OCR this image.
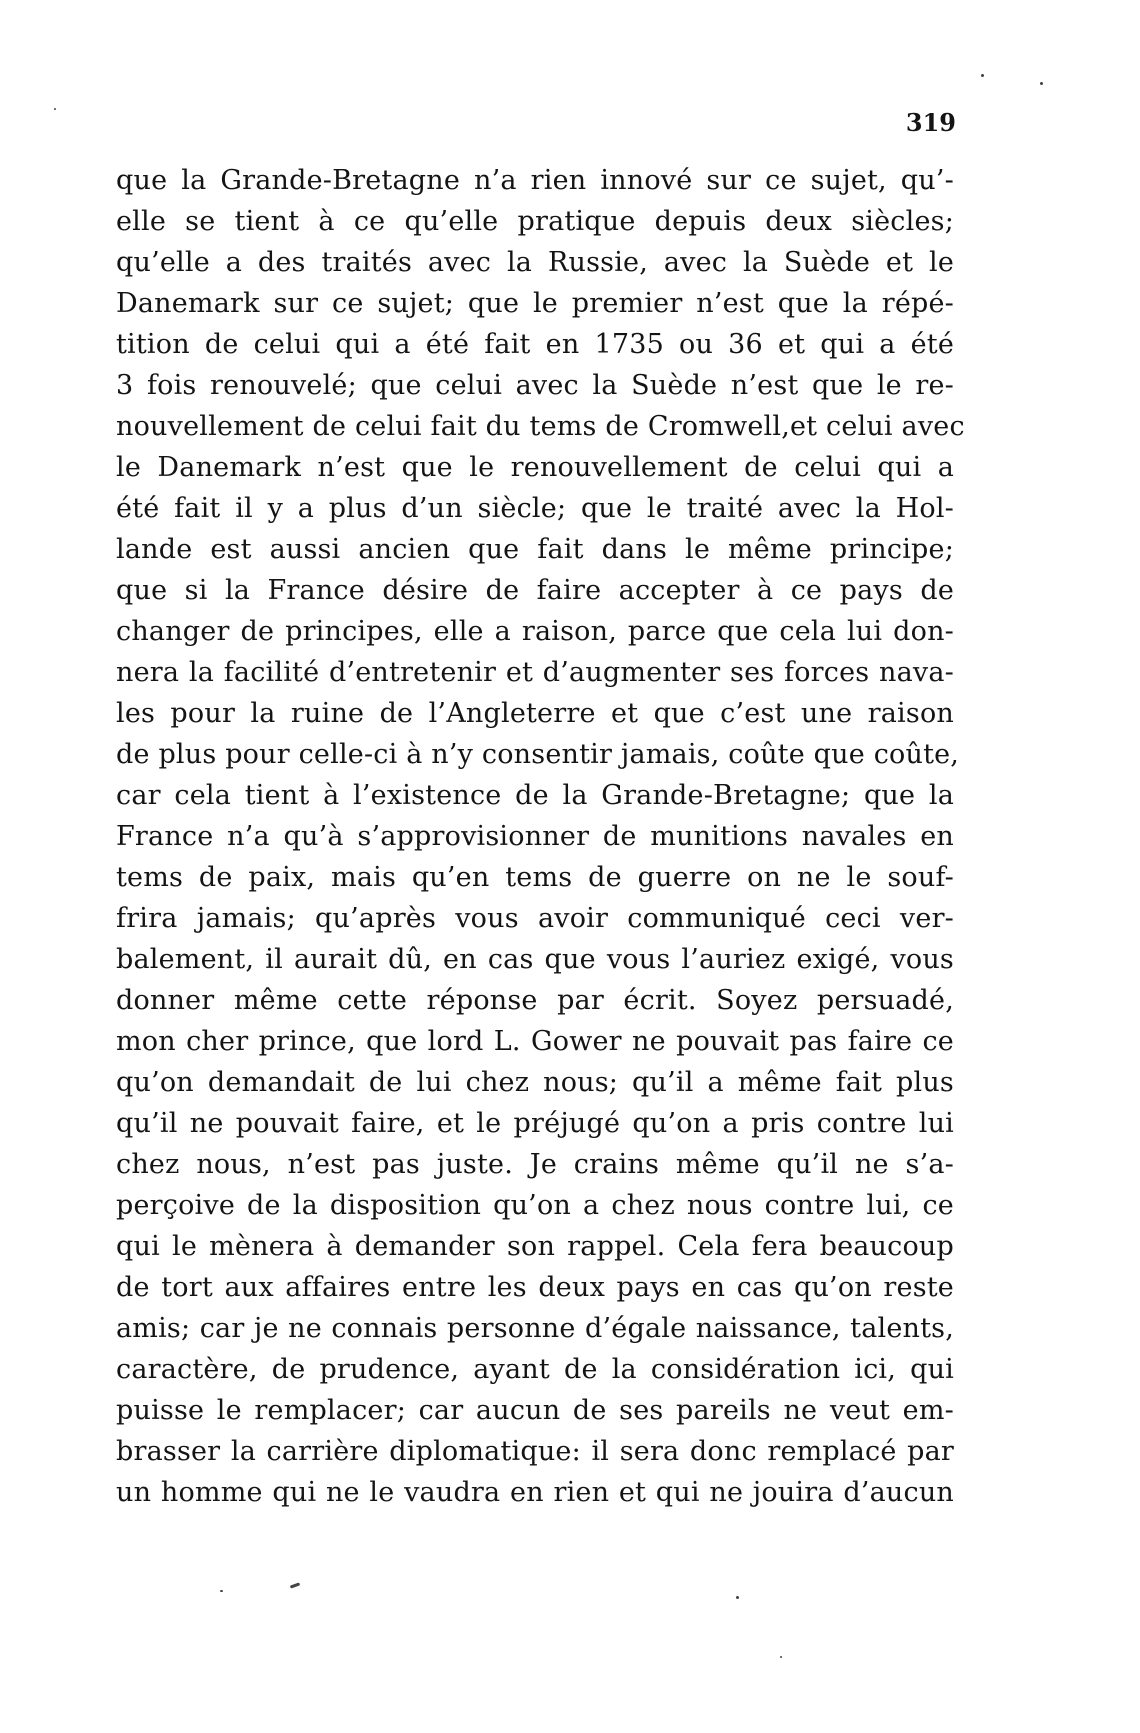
319
que la Grande-Bretagne n’a rien innové sur ce sujet, qu’-
elle se tient à ce qu’elle pratique depuis deux siècles;
qu’elle a des traités avec la Russie, avec la Suède et le
Danemark sur ce sujet; que le premier n’est que la répé-
tition de celui qui a été fait en 1735 ou 36 et qui a été
3 fois renouvelé; que celui avec la Suède n’est que le re-
nouvellement de celui fait du tems de Cromwell,et celui avec
le Danemark n’est que le renouvellement de celui qui a
été fait il y a plus d’un siècle; que le traité avec la Hol-
lande est aussi ancien que fait dans le même principe;
que si la France désire de faire accepter à ce pays de
changer de principes, elle a raison, parce que cela lui don-
nera la facilité d’entretenir et d’augmenter ses forces nava-
les pour la ruine de l’Angleterre et que c’est une raison
de plus pour celle-ci à n’y consentir jamais, coûte que coûte,
car cela tient à l’existence de la Grande-Bretagne; que la
France n’a qu’à s’approvisionner de munitions navales en
tems de paix, mais qu’en tems de guerre on ne le souf-
frira jamais; qu’après vous avoir communiqué ceci ver-
balement, il aurait dû, en cas que vous l’auriez exigé, vous
donner même cette réponse par écrit. Soyez persuadé,
mon cher prince, que lord L. Gower ne pouvait pas faire ce
qu’on demandait de lui chez nous; qu’il a même fait plus
qu’il ne pouvait faire, et le préjugé qu’on a pris contre lui
chez nous, n’est pas juste. Je crains même qu’il ne s’a-
perçoive de la disposition qu’on a chez nous contre lui, ce
qui le mènera à demander son rappel. Cela fera beaucoup
de tort aux affaires entre les deux pays en cas qu’on reste
amis; car je ne connais personne d’égale naissance, talents,
caractère, de prudence, ayant de la considération ici, qui
puisse le remplacer; car aucun de ses pareils ne veut em-
brasser la carrière diplomatique: il sera donc remplacé par
un homme qui ne le vaudra en rien et qui ne jouira d’aucun
